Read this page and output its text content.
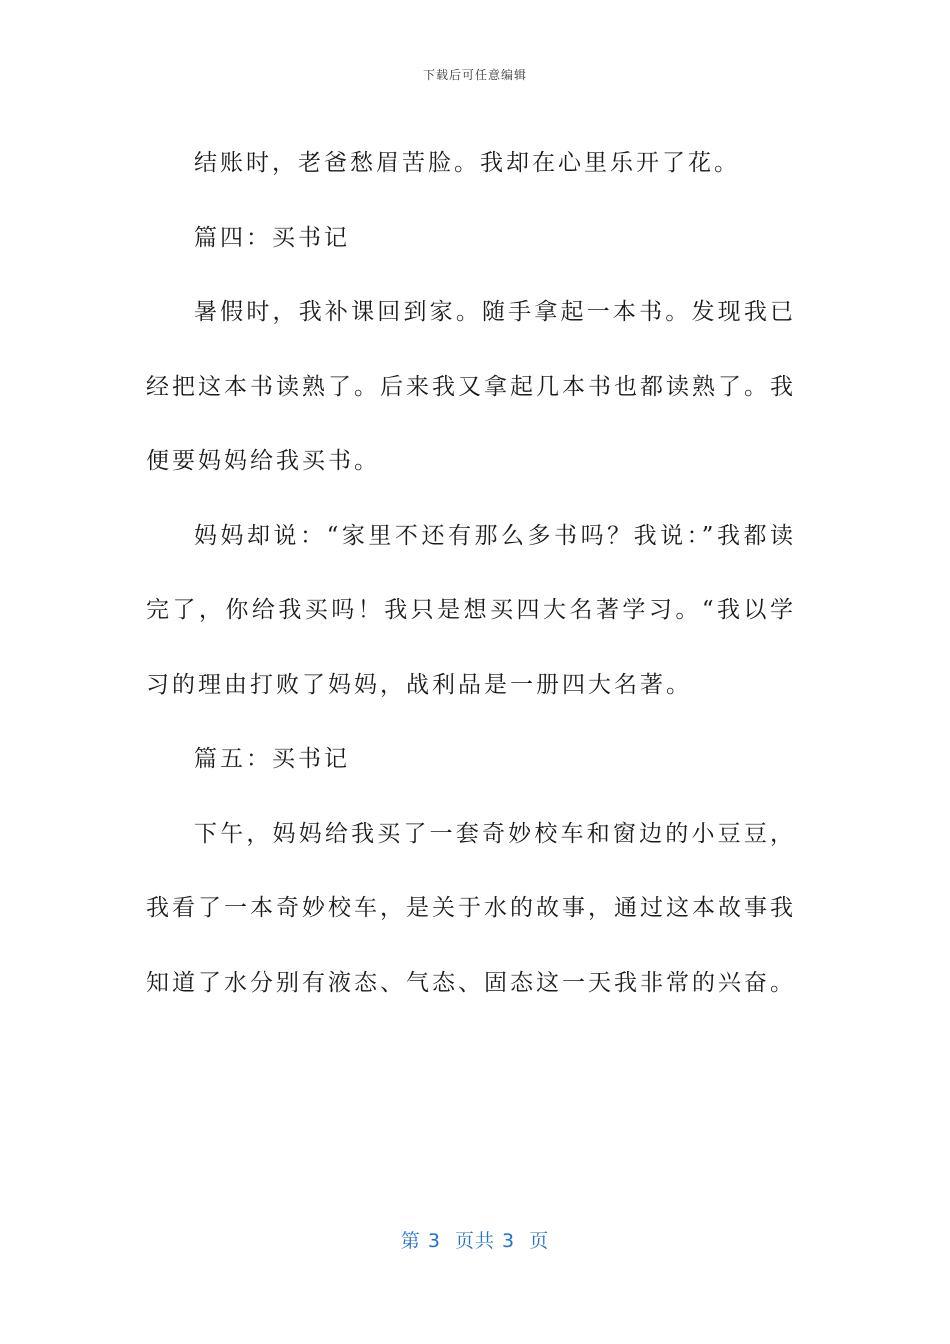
下载后可任意编辑

结账时，老爸愁眉苦脸。我却在心里乐开了花。

篇四：买书记

暑假时，我补课回到家。随手拿起一本书。发现我已经把这本书读熟了。后来我又拿起几本书也都读熟了。我便要妈妈给我买书。

妈妈却说：“家里不还有那么多书吗？我说：”我都读完了，你给我买吗！我只是想买四大名著学习。“我以学习的理由打败了妈妈，战利品是一册四大名著。

篇五：买书记

下午，妈妈给我买了一套奇妙校车和窗边的小豆豆，我看了一本奇妙校车，是关于水的故事，通过这本故事我知道了水分别有液态、气态、固态这一天我非常的兴奋。

第 3  页共 3  页
